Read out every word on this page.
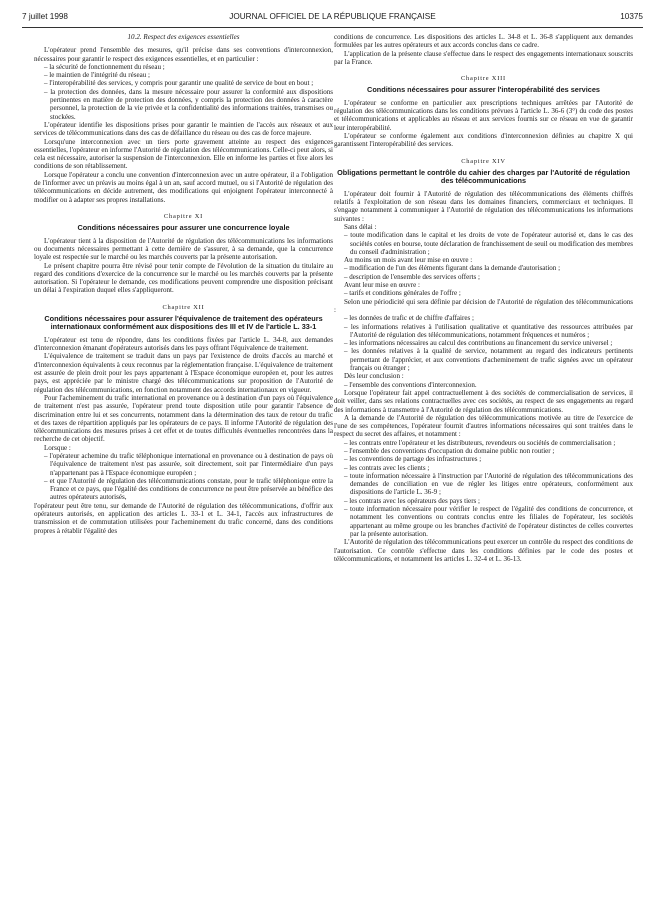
7 juillet 1998	JOURNAL OFFICIEL DE LA RÉPUBLIQUE FRANÇAISE	10375

10.2. Respect des exigences essentielles

L'opérateur prend l'ensemble des mesures, qu'il précise dans ses conventions d'interconnexion, nécessaires pour garantir le respect des exigences essentielles, et en particulier :

– la sécurité de fonctionnement du réseau ;

– le maintien de l'intégrité du réseau ;

– l'interopérabilité des services, y compris pour garantir une qualité de service de bout en bout ;

– la protection des données, dans la mesure nécessaire pour assurer la conformité aux dispositions pertinentes en matière de protection des données, y compris la protection des données à caractère personnel, la protection de la vie privée et la confidentialité des informations traitées, transmises ou stockées.

L'opérateur identifie les dispositions prises pour garantir le maintien de l'accès aux réseaux et aux services de télécommunications dans des cas de défaillance du réseau ou des cas de force majeure.

Lorsqu'une interconnexion avec un tiers porte gravement atteinte au respect des exigences essentielles, l'opérateur en informe l'Autorité de régulation des télécommunications. Celle-ci peut alors, si cela est nécessaire, autoriser la suspension de l'interconnexion. Elle en informe les parties et fixe alors les conditions de son rétablissement.

Lorsque l'opérateur a conclu une convention d'interconnexion avec un autre opérateur, il a l'obligation de l'informer avec un préavis au moins égal à un an, sauf accord mutuel, ou si l'Autorité de régulation des télécommunications en décide autrement, des modifications qui enjoignent l'opérateur interconnecté à modifier ou à adapter ses propres installations.

Chapitre XI

Conditions nécessaires pour assurer une concurrence loyale

L'opérateur tient à la disposition de l'Autorité de régulation des télécommunications les informations ou documents nécessaires permettant à cette dernière de s'assurer, à sa demande, que la concurrence loyale est respectée sur le marché ou les marchés couverts par la présente autorisation.

Le présent chapitre pourra être révisé pour tenir compte de l'évolution de la situation du titulaire au regard des conditions d'exercice de la concurrence sur le marché ou les marchés couverts par la présente autorisation. Si l'opérateur le demande, ces modifications peuvent comprendre une disposition précisant un délai à l'expiration duquel elles s'appliqueront.

Chapitre XII

Conditions nécessaires pour assurer l'équivalence de traitement des opérateurs internationaux conformément aux dispositions des III et IV de l'article L. 33-1

L'opérateur est tenu de répondre, dans les conditions fixées par l'article L. 34-8, aux demandes d'interconnexion émanant d'opérateurs autorisés dans les pays offrant l'équivalence de traitement.

L'équivalence de traitement se traduit dans un pays par l'existence de droits d'accès au marché et d'interconnexion équivalents à ceux reconnus par la réglementation française. L'équivalence de traitement est assurée de plein droit pour les pays appartenant à l'Espace économique européen et, pour les autres pays, est appréciée par le ministre chargé des télécommunications sur proposition de l'Autorité de régulation des télécommunications, en fonction notamment des accords internationaux en vigueur.

Pour l'acheminement du trafic international en provenance ou à destination d'un pays où l'équivalence de traitement n'est pas assurée, l'opérateur prend toute disposition utile pour garantir l'absence de discrimination entre lui et ses concurrents, notamment dans la détermination des taux de retour du trafic et des taxes de répartition appliqués par les opérateurs de ce pays. Il informe l'Autorité de régulation des télécommunications des mesures prises à cet effet et de toutes difficultés éventuelles rencontrées dans la recherche de cet objectif.

Lorsque :

– l'opérateur achemine du trafic téléphonique international en provenance ou à destination de pays où l'équivalence de traitement n'est pas assurée, soit directement, soit par l'intermédiaire d'un pays n'appartenant pas à l'Espace économique européen ;

– et que l'Autorité de régulation des télécommunications constate, pour le trafic téléphonique entre la France et ce pays, que l'égalité des conditions de concurrence ne peut être préservée au bénéfice des autres opérateurs autorisés,

l'opérateur peut être tenu, sur demande de l'Autorité de régulation des télécommunications, d'offrir aux opérateurs autorisés, en application des articles L. 33-1 et L. 34-1, l'accès aux infrastructures de transmission et de commutation utilisées pour l'acheminement du trafic concerné, dans des conditions propres à rétablir l'égalité des

conditions de concurrence. Les dispositions des articles L. 34-8 et L. 36-8 s'appliquent aux demandes formulées par les autres opérateurs et aux accords conclus dans ce cadre.

L'application de la présente clause s'effectue dans le respect des engagements internationaux souscrits par la France.

Chapitre XIII

Conditions nécessaires pour assurer l'interopérabilité des services

L'opérateur se conforme en particulier aux prescriptions techniques arrêtées par l'Autorité de régulation des télécommunications dans les conditions prévues à l'article L. 36-6 (3°) du code des postes et télécommunications et applicables au réseau et aux services fournis sur ce réseau en vue de garantir leur interopérabilité.

L'opérateur se conforme également aux conditions d'interconnexion définies au chapitre X qui garantissent l'interopérabilité des services.

Chapitre XIV

Obligations permettant le contrôle du cahier des charges par l'Autorité de régulation des télécommunications

L'opérateur doit fournir à l'Autorité de régulation des télécommunications des éléments chiffrés relatifs à l'exploitation de son réseau dans les domaines financiers, commerciaux et techniques. Il s'engage notamment à communiquer à l'Autorité de régulation des télécommunications les informations suivantes :

Sans délai :

– toute modification dans le capital et les droits de vote de l'opérateur autorisé et, dans le cas des sociétés cotées en bourse, toute déclaration de franchissement de seuil ou modification des membres du conseil d'administration ;

Au moins un mois avant leur mise en œuvre :

– modification de l'un des éléments figurant dans la demande d'autorisation ;

– description de l'ensemble des services offerts ;

Avant leur mise en œuvre :

– tarifs et conditions générales de l'offre ;

Selon une périodicité qui sera définie par décision de l'Autorité de régulation des télécommunications :

– les données de trafic et de chiffre d'affaires ;

– les informations relatives à l'utilisation qualitative et quantitative des ressources attribuées par l'Autorité de régulation des télécommunications, notamment fréquences et numéros ;

– les informations nécessaires au calcul des contributions au financement du service universel ;

– les données relatives à la qualité de service, notamment au regard des indicateurs pertinents permettant de l'apprécier, et aux conventions d'acheminement de trafic signées avec un opérateur français ou étranger ;

Dès leur conclusion :

– l'ensemble des conventions d'interconnexion.

Lorsque l'opérateur fait appel contractuellement à des sociétés de commercialisation de services, il doit veiller, dans ses relations contractuelles avec ces sociétés, au respect de ses engagements au regard des informations à transmettre à l'Autorité de régulation des télécommunications.

A la demande de l'Autorité de régulation des télécommunications motivée au titre de l'exercice de l'une de ses compétences, l'opérateur fournit d'autres informations nécessaires qui sont traitées dans le respect du secret des affaires, et notamment :

– les contrats entre l'opérateur et les distributeurs, revendeurs ou sociétés de commercialisation ;

– l'ensemble des conventions d'occupation du domaine public non routier ;

– les conventions de partage des infrastructures ;

– les contrats avec les clients ;

– toute information nécessaire à l'instruction par l'Autorité de régulation des télécommunications des demandes de conciliation en vue de régler les litiges entre opérateurs, conformément aux dispositions de l'article L. 36-9 ;

– les contrats avec les opérateurs des pays tiers ;

– toute information nécessaire pour vérifier le respect de l'égalité des conditions de concurrence, et notamment les conventions ou contrats conclus entre les filiales de l'opérateur, les sociétés appartenant au même groupe ou les branches d'activité de l'opérateur distinctes de celles couvertes par la présente autorisation.

L'Autorité de régulation des télécommunications peut exercer un contrôle du respect des conditions de l'autorisation. Ce contrôle s'effectue dans les conditions définies par le code des postes et télécommunications, et notamment les articles L. 32-4 et L. 36-13.
